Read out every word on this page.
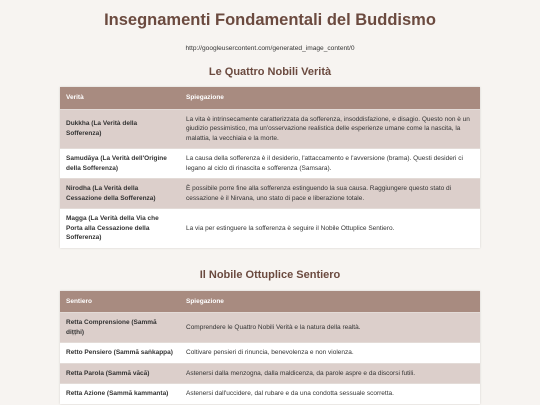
Insegnamenti Fondamentali del Buddismo
http://googleusercontent.com/generated_image_content/0
Le Quattro Nobili Verità
Verità	Spiegazione
Dukkha (La Verità della Sofferenza)	La vita è intrinsecamente caratterizzata da sofferenza, insoddisfazione, e disagio. Questo non è un giudizio pessimistico, ma un'osservazione realistica delle esperienze umane come la nascita, la malattia, la vecchiaia e la morte.
Samudāya (La Verità dell'Origine della Sofferenza)	La causa della sofferenza è il desiderio, l'attaccamento e l'avversione (brama). Questi desideri ci legano al ciclo di rinascita e sofferenza (Samsara).
Nirodha (La Verità della Cessazione della Sofferenza)	È possibile porre fine alla sofferenza estinguendo la sua causa. Raggiungere questo stato di cessazione è il Nirvana, uno stato di pace e liberazione totale.
Magga (La Verità della Via che Porta alla Cessazione della Sofferenza)	La via per estinguere la sofferenza è seguire il Nobile Ottuplice Sentiero.
Il Nobile Ottuplice Sentiero
Sentiero	Spiegazione
Retta Comprensione (Sammā diṭṭhi)	Comprendere le Quattro Nobili Verità e la natura della realtà.
Retto Pensiero (Sammā saṅkappa)	Coltivare pensieri di rinuncia, benevolenza e non violenza.
Retta Parola (Sammā vācā)	Astenersi dalla menzogna, dalla maldicenza, da parole aspre e da discorsi futili.
Retta Azione (Sammā kammanta)	Astenersi dall'uccidere, dal rubare e da una condotta sessuale scorretta.
